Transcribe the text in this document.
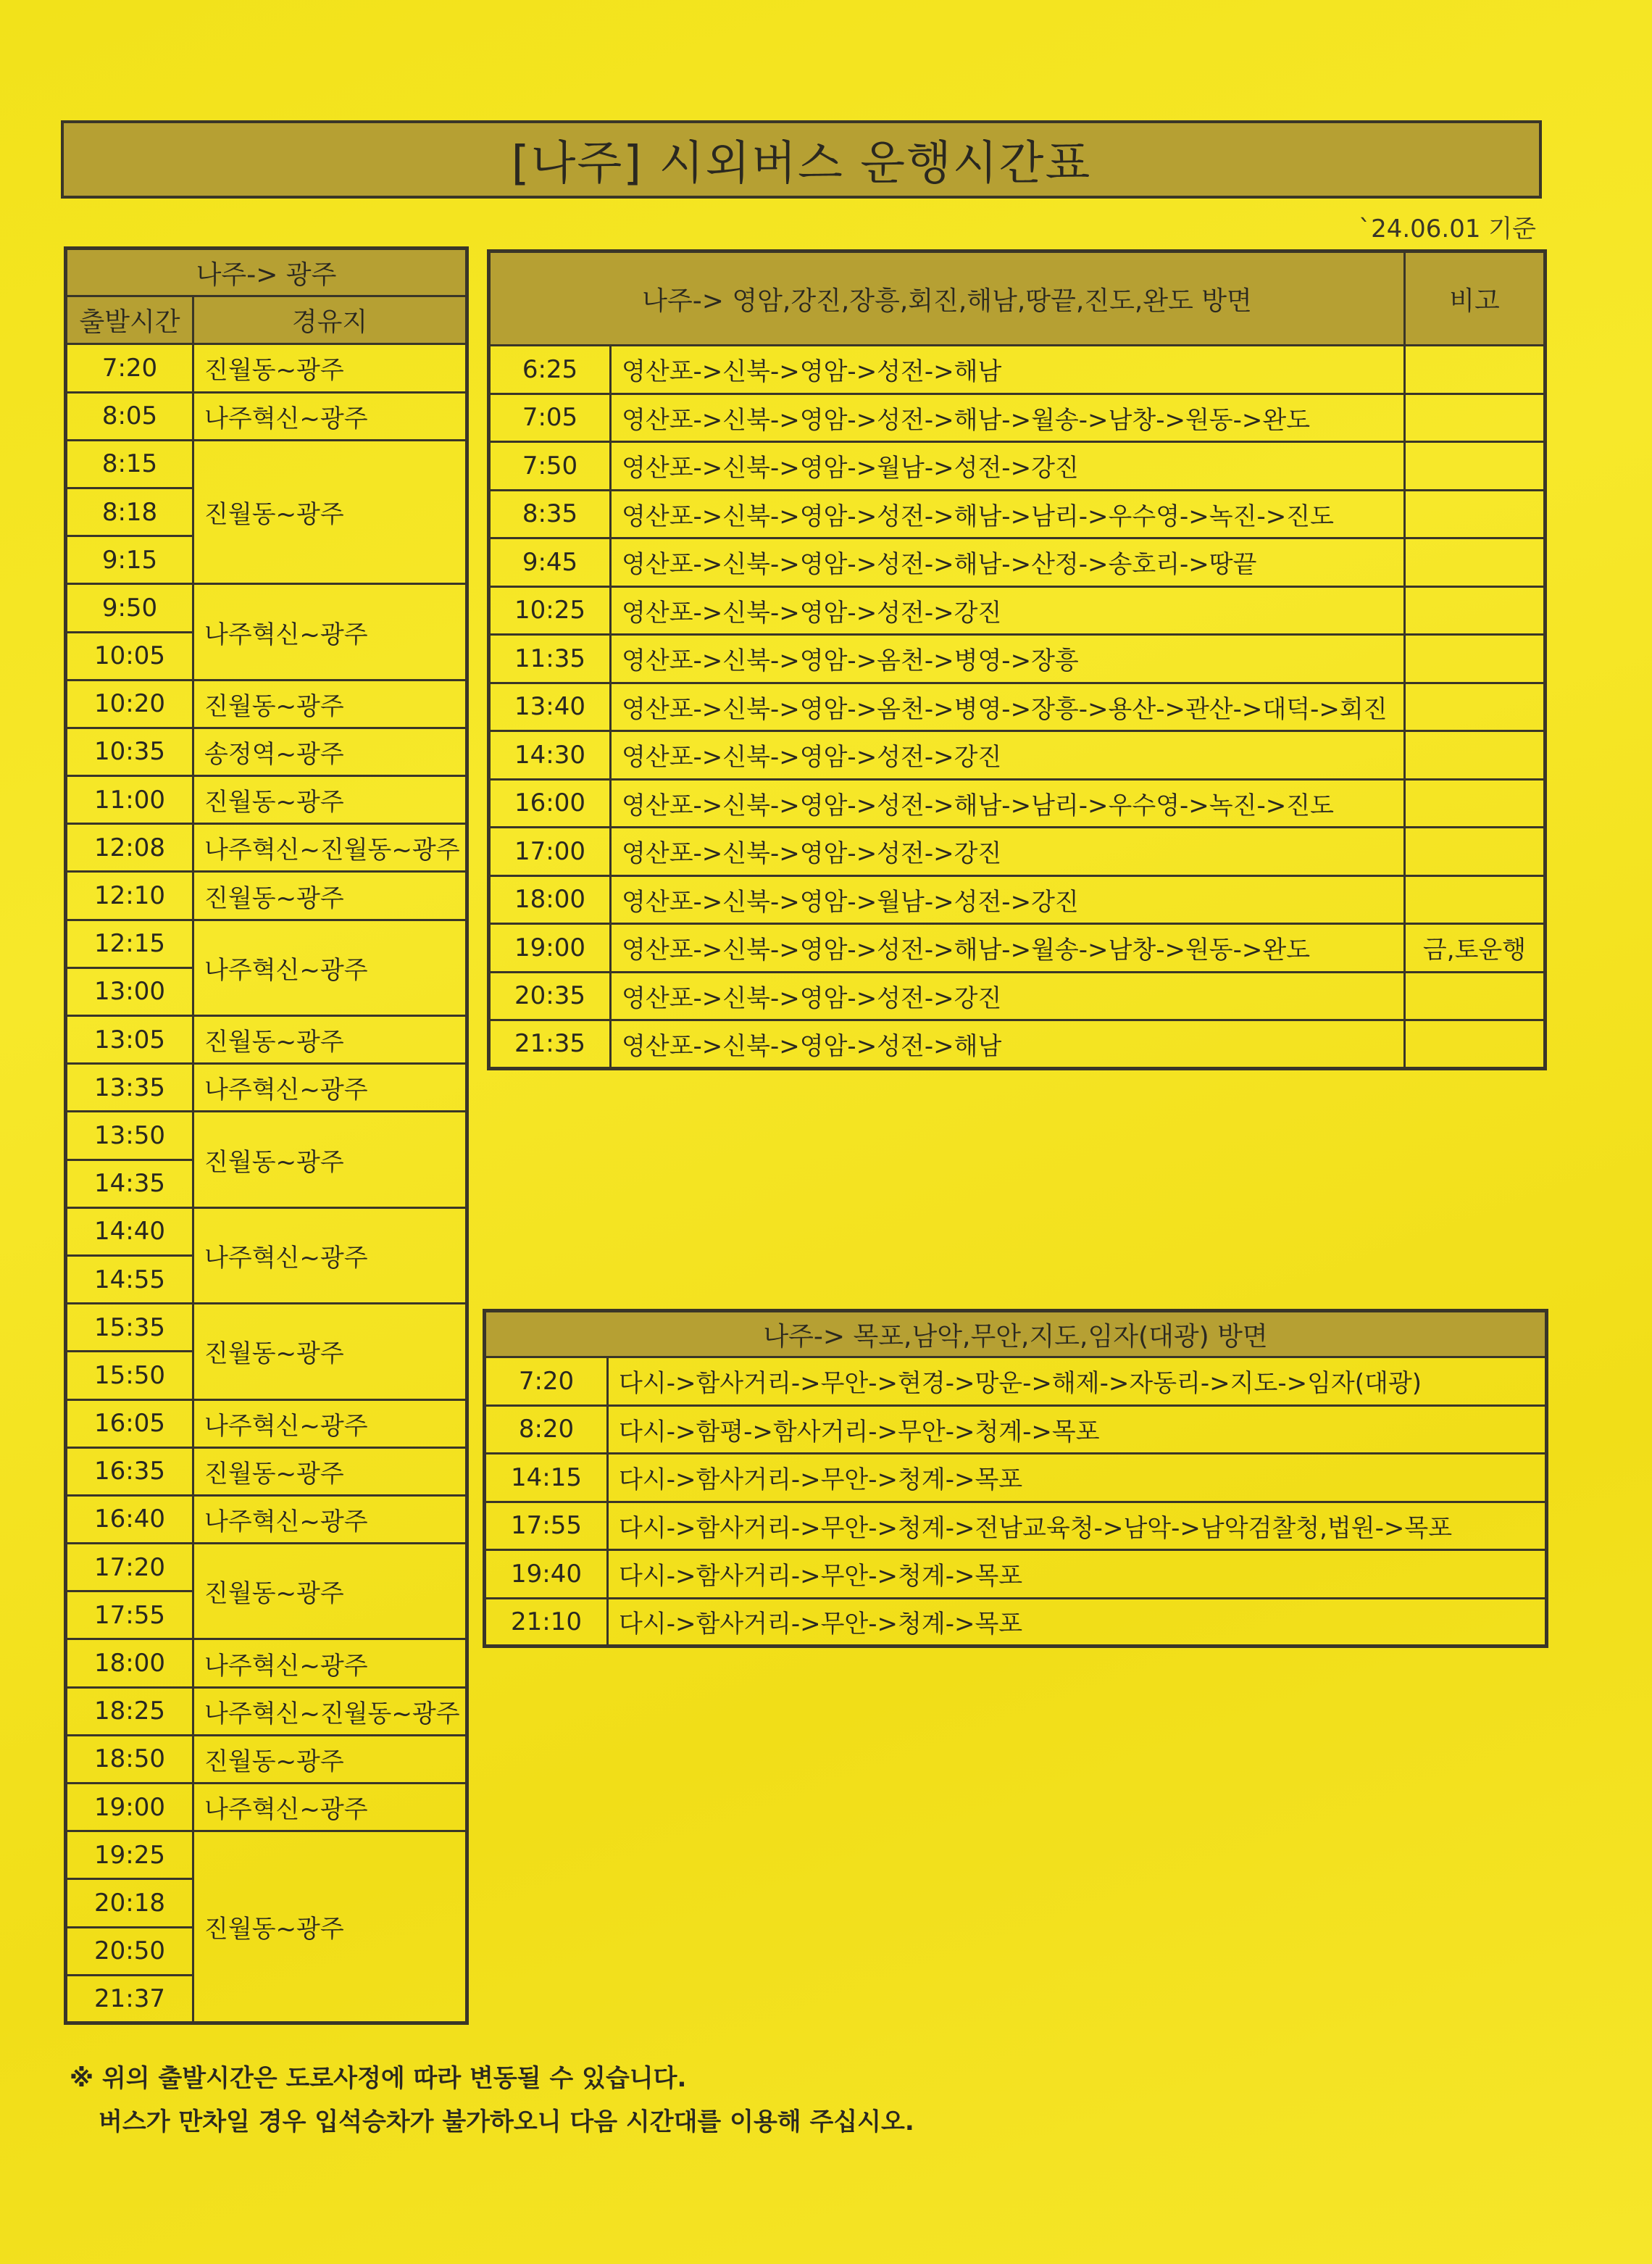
[나주] 시외버스 운행시간표
`24.06.01 기준
나주-> 광주	
출발시간	경유지
7:20	진월동~광주
8:05	나주혁신~광주
8:15	진월동~광주
8:18	
9:15	
9:50	나주혁신~광주
10:05	
10:20	진월동~광주
10:35	송정역~광주
11:00	진월동~광주
12:08	나주혁신~진월동~광주
12:10	진월동~광주
12:15	나주혁신~광주
13:00	
13:05	진월동~광주
13:35	나주혁신~광주
13:50	진월동~광주
14:35	
14:40	나주혁신~광주
14:55	
15:35	진월동~광주
15:50	
16:05	나주혁신~광주
16:35	진월동~광주
16:40	나주혁신~광주
17:20	진월동~광주
17:55	
18:00	나주혁신~광주
18:25	나주혁신~진월동~광주
18:50	진월동~광주
19:00	나주혁신~광주
19:25	진월동~광주
20:18	
20:50	
21:37	
나주-> 영암,강진,장흥,회진,해남,땅끝,진도,완도 방면		비고
6:25	영산포->신북->영암->성전->해남	
7:05	영산포->신북->영암->성전->해남->월송->남창->원동->완도	
7:50	영산포->신북->영암->월남->성전->강진	
8:35	영산포->신북->영암->성전->해남->남리->우수영->녹진->진도	
9:45	영산포->신북->영암->성전->해남->산정->송호리->땅끝	
10:25	영산포->신북->영암->성전->강진	
11:35	영산포->신북->영암->옴천->병영->장흥	
13:40	영산포->신북->영암->옴천->병영->장흥->용산->관산->대덕->회진	
14:30	영산포->신북->영암->성전->강진	
16:00	영산포->신북->영암->성전->해남->남리->우수영->녹진->진도	
17:00	영산포->신북->영암->성전->강진	
18:00	영산포->신북->영암->월남->성전->강진	
19:00	영산포->신북->영암->성전->해남->월송->남창->원동->완도	금,토운행
20:35	영산포->신북->영암->성전->강진	
21:35	영산포->신북->영암->성전->해남	
나주-> 목포,남악,무안,지도,임자(대광) 방면	
7:20	다시->함사거리->무안->현경->망운->해제->자동리->지도->임자(대광)
8:20	다시->함평->함사거리->무안->청계->목포
14:15	다시->함사거리->무안->청계->목포
17:55	다시->함사거리->무안->청계->전남교육청->남악->남악검찰청,법원->목포
19:40	다시->함사거리->무안->청계->목포
21:10	다시->함사거리->무안->청계->목포
※ 위의 출발시간은 도로사정에 따라 변동될 수 있습니다.
버스가 만차일 경우 입석승차가 불가하오니 다음 시간대를 이용해 주십시오.
